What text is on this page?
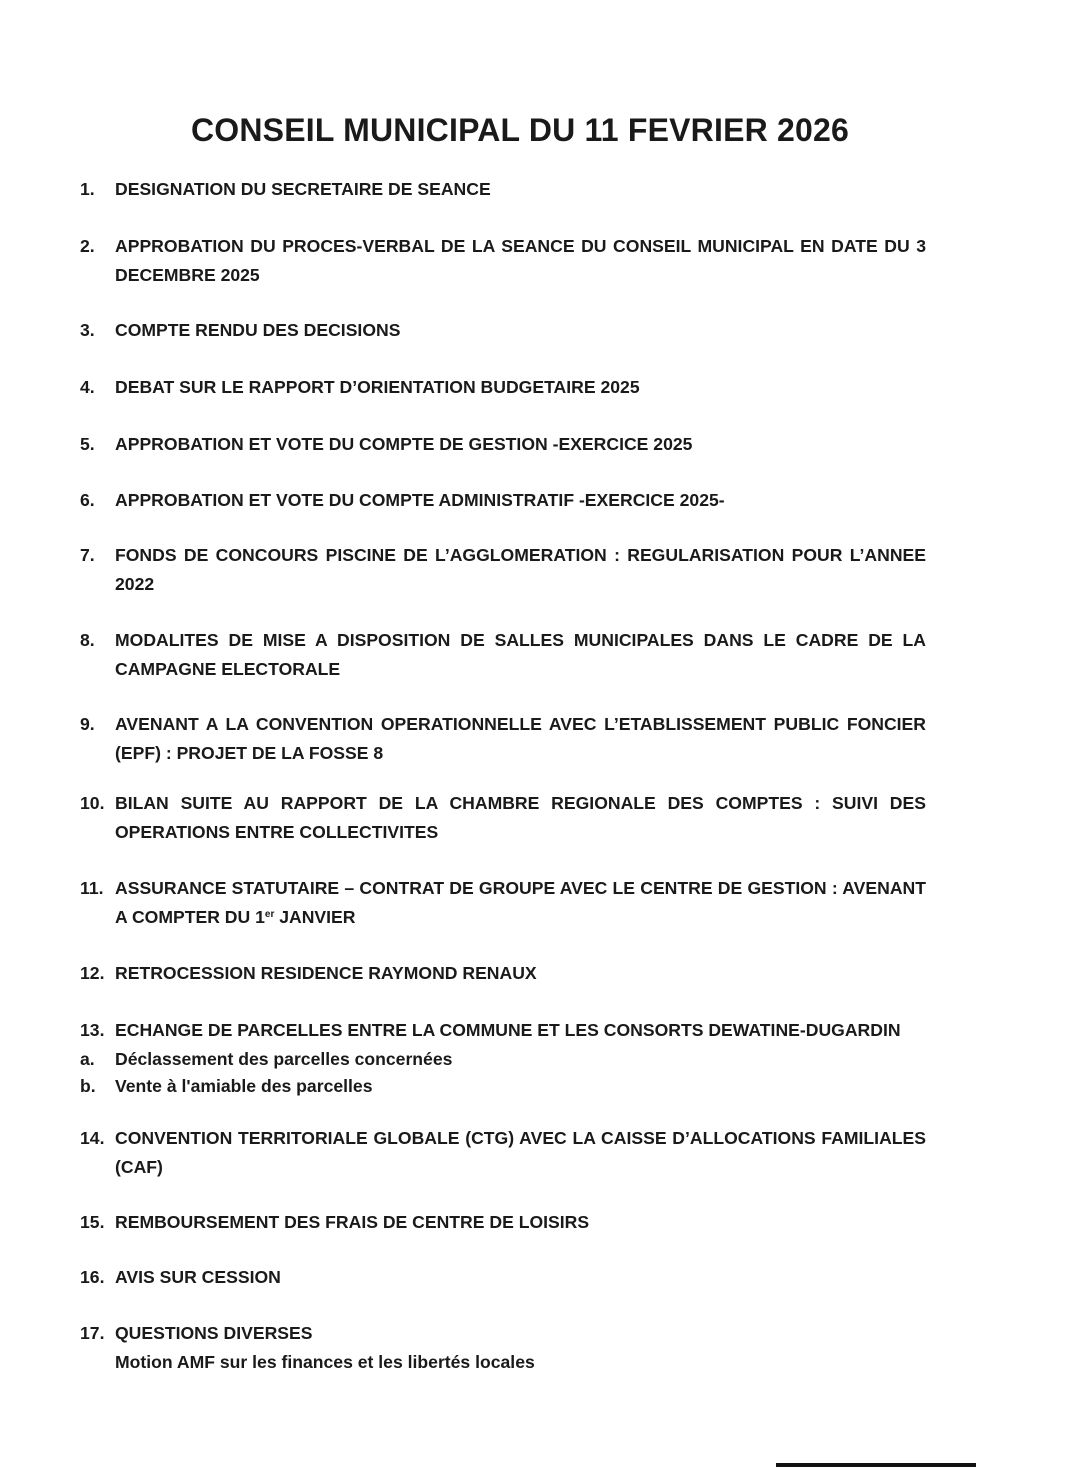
CONSEIL MUNICIPAL DU 11 FEVRIER 2026
1. DESIGNATION DU SECRETAIRE DE SEANCE
2. APPROBATION DU PROCES-VERBAL DE LA SEANCE DU CONSEIL MUNICIPAL EN DATE DU 3 DECEMBRE 2025
3. COMPTE RENDU DES DECISIONS
4. DEBAT SUR LE RAPPORT D’ORIENTATION BUDGETAIRE 2025
5. APPROBATION ET VOTE DU COMPTE DE GESTION -EXERCICE 2025
6. APPROBATION ET VOTE DU COMPTE ADMINISTRATIF -EXERCICE 2025-
7. FONDS DE CONCOURS PISCINE DE L’AGGLOMERATION : REGULARISATION POUR L’ANNEE 2022
8. MODALITES DE MISE A DISPOSITION DE SALLES MUNICIPALES DANS LE CADRE DE LA CAMPAGNE ELECTORALE
9. AVENANT A LA CONVENTION OPERATIONNELLE AVEC L’ETABLISSEMENT PUBLIC FONCIER (EPF) : PROJET DE LA FOSSE 8
10. BILAN SUITE AU RAPPORT DE LA CHAMBRE REGIONALE DES COMPTES : SUIVI DES OPERATIONS ENTRE COLLECTIVITES
11. ASSURANCE STATUTAIRE – CONTRAT DE GROUPE AVEC LE CENTRE DE GESTION : AVENANT A COMPTER DU 1er JANVIER
12. RETROCESSION RESIDENCE RAYMOND RENAUX
13. ECHANGE DE PARCELLES ENTRE LA COMMUNE ET LES CONSORTS DEWATINE-DUGARDIN
a. Déclassement des parcelles concernées
b. Vente à l'amiable des parcelles
14. CONVENTION TERRITORIALE GLOBALE (CTG) AVEC LA CAISSE D’ALLOCATIONS FAMILIALES (CAF)
15. REMBOURSEMENT DES FRAIS DE CENTRE DE LOISIRS
16. AVIS SUR CESSION
17. QUESTIONS DIVERSES
Motion AMF sur les finances et les libertés locales
